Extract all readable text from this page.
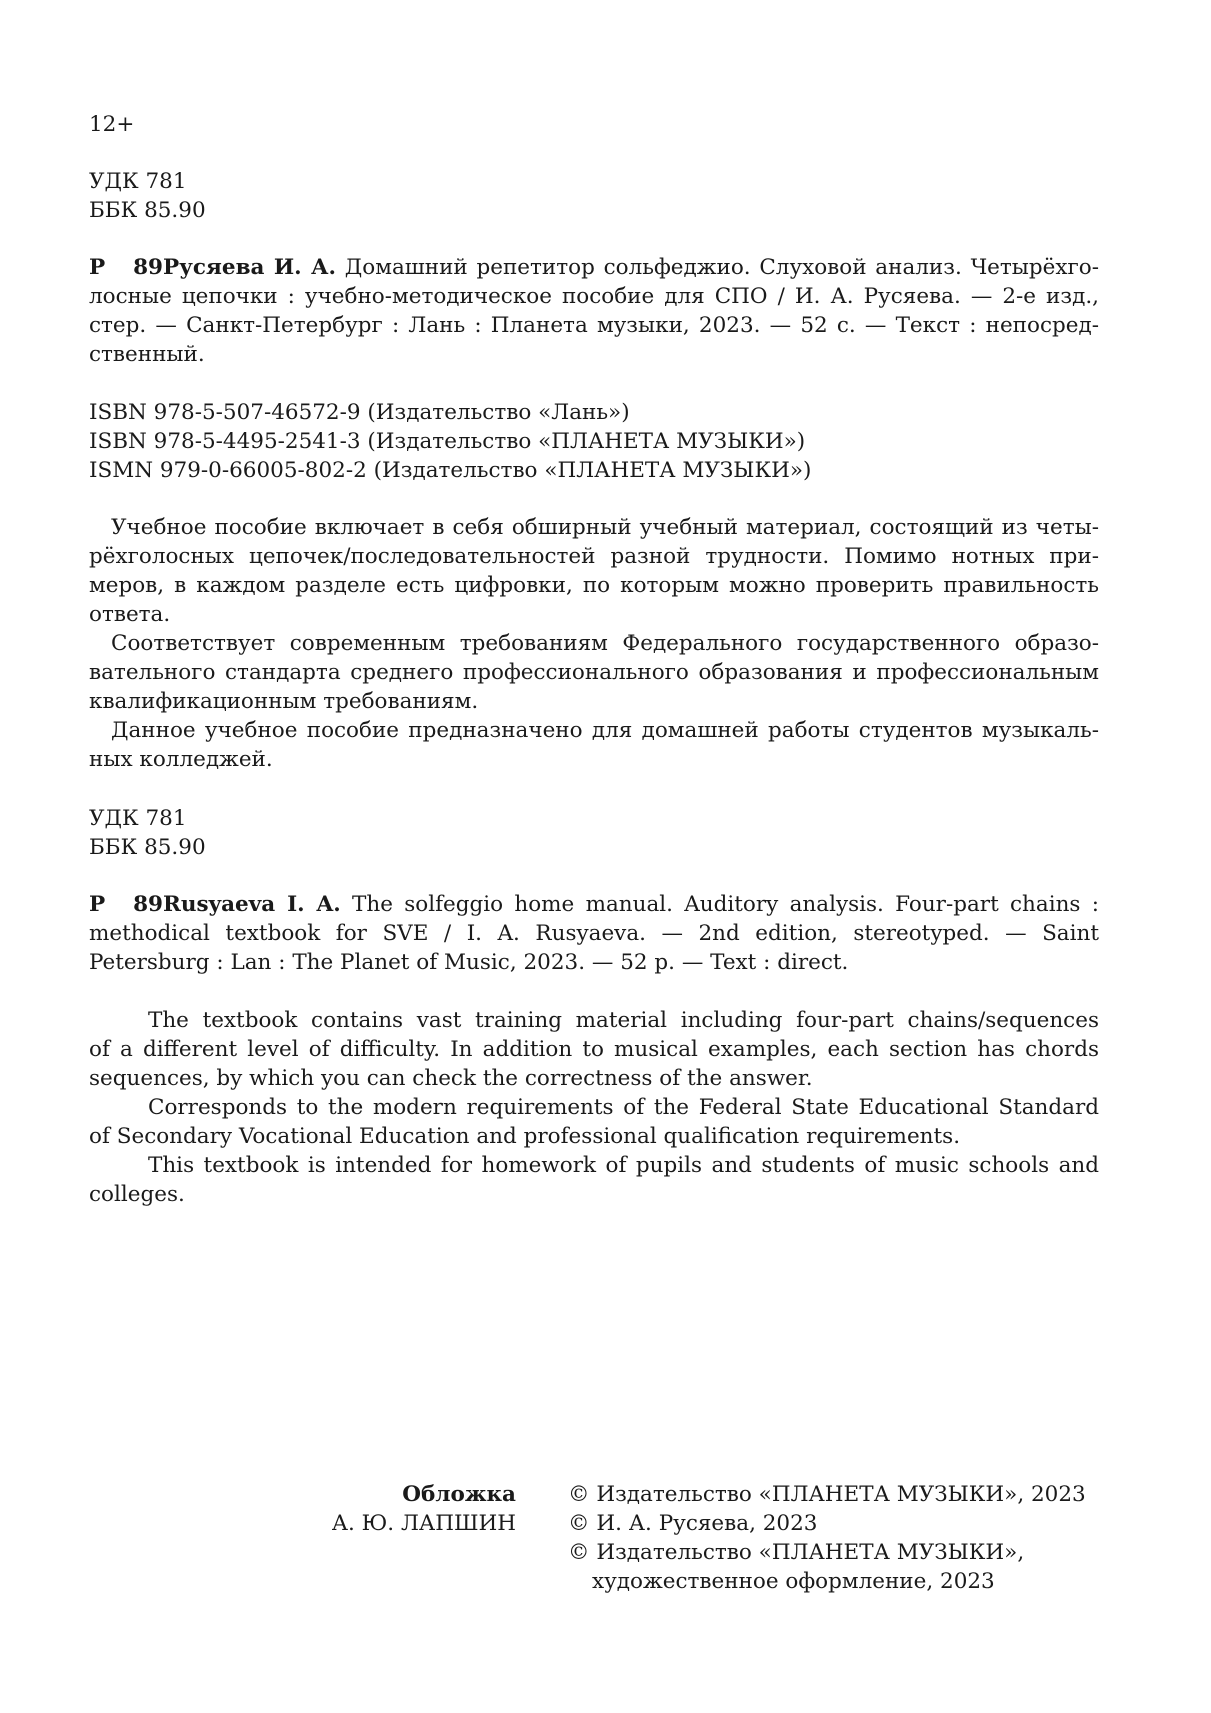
12+
УДК 781
ББК 85.90
Р 89Русяева И. А. Домашний репетитор сольфеджио. Слуховой анализ. Четырёхго-
лосные цепочки : учебно-методическое пособие для СПО / И. А. Русяева. — 2-е изд.,
стер. — Санкт-Петербург : Лань : Планета музыки, 2023. — 52 с. — Текст : непосред-
ственный.
ISBN 978-5-507-46572-9 (Издательство «Лань»)
ISBN 978-5-4495-2541-3 (Издательство «ПЛАНЕТА МУЗЫКИ»)
ISMN 979-0-66005-802-2 (Издательство «ПЛАНЕТА МУЗЫКИ»)
Учебное пособие включает в себя обширный учебный материал, состоящий из четы-
рёхголосных цепочек/последовательностей разной трудности. Помимо нотных при-
меров, в каждом разделе есть цифровки, по которым можно проверить правильность
ответа.
Соответствует современным требованиям Федерального государственного образо-
вательного стандарта среднего профессионального образования и профессиональным
квалификационным требованиям.
Данное учебное пособие предназначено для домашней работы студентов музыкаль-
ных колледжей.
УДК 781
ББК 85.90
P 89Rusyaeva I. A. The solfeggio home manual. Auditory analysis. Four-part chains :
methodical textbook for SVE / I. A. Rusyaeva. — 2nd edition, stereotyped. — Saint
Petersburg : Lan : The Planet of Music, 2023. — 52 p. — Text : direct.
The textbook contains vast training material including four-part chains/sequences
of a different level of difficulty. In addition to musical examples, each section has chords
sequences, by which you can check the correctness of the answer.
Corresponds to the modern requirements of the Federal State Educational Standard
of Secondary Vocational Education and professional qualification requirements.
This textbook is intended for homework of pupils and students of music schools and
colleges.
Обложка
А. Ю. ЛАПШИН
© Издательство «ПЛАНЕТА МУЗЫКИ», 2023
© И. А. Русяева, 2023
© Издательство «ПЛАНЕТА МУЗЫКИ»,
художественное оформление, 2023
